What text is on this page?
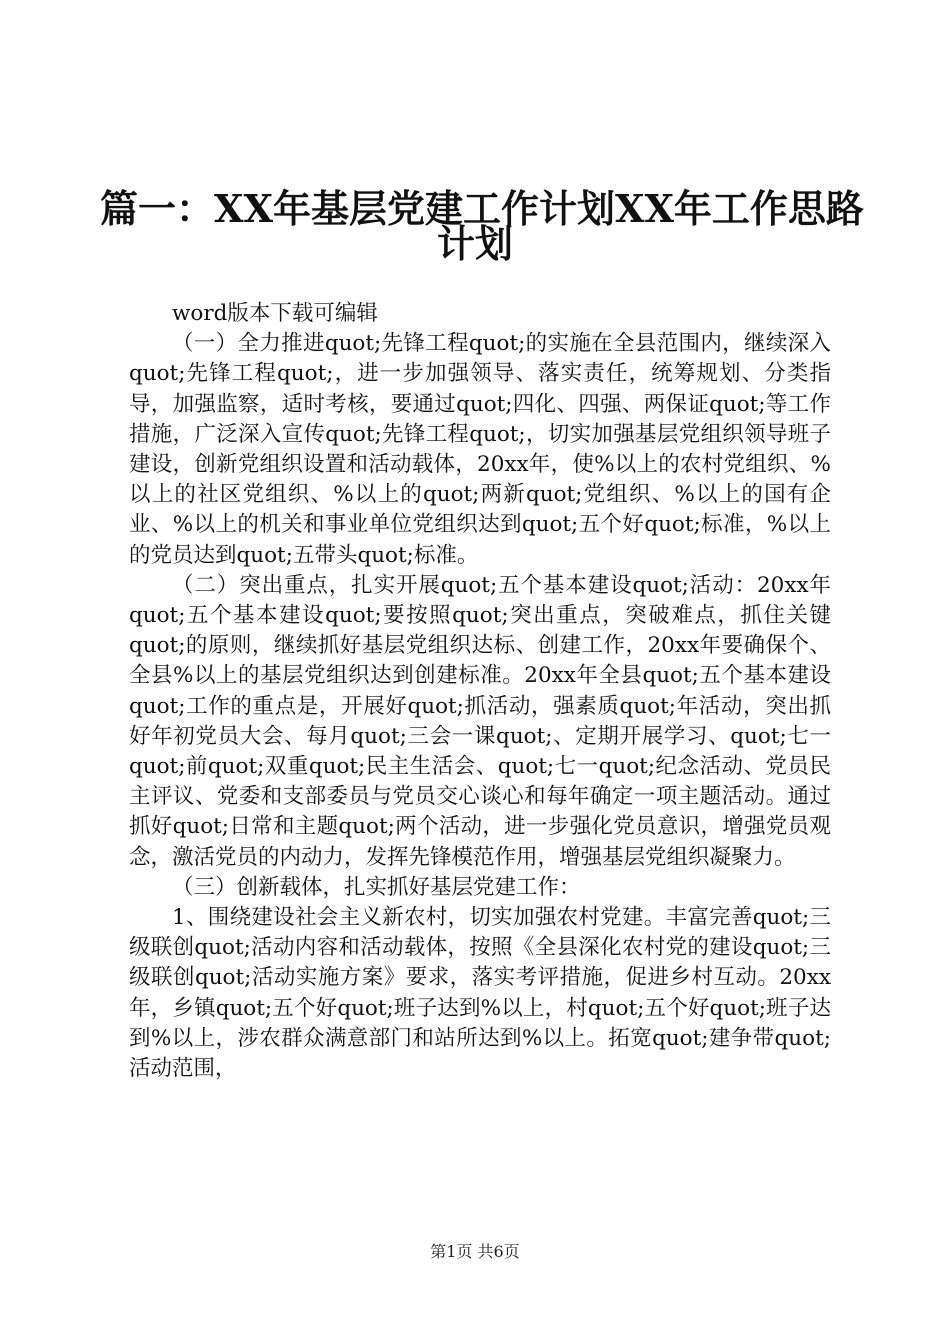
篇一：XX年基层党建工作计划XX年工作思路
计划

word版本下载可编辑

（一）全力推进quot;先锋工程quot;的实施在全县范围内，继续深入quot;先锋工程quot;，进一步加强领导、落实责任，统筹规划、分类指导，加强监察，适时考核，要通过quot;四化、四强、两保证quot;等工作措施，广泛深入宣传quot;先锋工程quot;，切实加强基层党组织领导班子建设，创新党组织设置和活动载体，20xx年，使%以上的农村党组织、%以上的社区党组织、%以上的quot;两新quot;党组织、%以上的国有企业、%以上的机关和事业单位党组织达到quot;五个好quot;标准，%以上的党员达到quot;五带头quot;标准。

（二）突出重点，扎实开展quot;五个基本建设quot;活动：20xx年quot;五个基本建设quot;要按照quot;突出重点，突破难点，抓住关键quot;的原则，继续抓好基层党组织达标、创建工作，20xx年要确保个、全县%以上的基层党组织达到创建标准。20xx年全县quot;五个基本建设quot;工作的重点是，开展好quot;抓活动，强素质quot;年活动，突出抓好年初党员大会、每月quot;三会一课quot;、定期开展学习、quot;七一quot;前quot;双重quot;民主生活会、quot;七一quot;纪念活动、党员民主评议、党委和支部委员与党员交心谈心和每年确定一项主题活动。通过抓好quot;日常和主题quot;两个活动，进一步强化党员意识，增强党员观念，激活党员的内动力，发挥先锋模范作用，增强基层党组织凝聚力。

（三）创新载体，扎实抓好基层党建工作：

1、围绕建设社会主义新农村，切实加强农村党建。丰富完善quot;三级联创quot;活动内容和活动载体，按照《全县深化农村党的建设quot;三级联创quot;活动实施方案》要求，落实考评措施，促进乡村互动。20xx年，乡镇quot;五个好quot;班子达到%以上，村quot;五个好quot;班子达到%以上，涉农群众满意部门和站所达到%以上。拓宽quot;建争带quot;活动范围，

第1页 共6页
